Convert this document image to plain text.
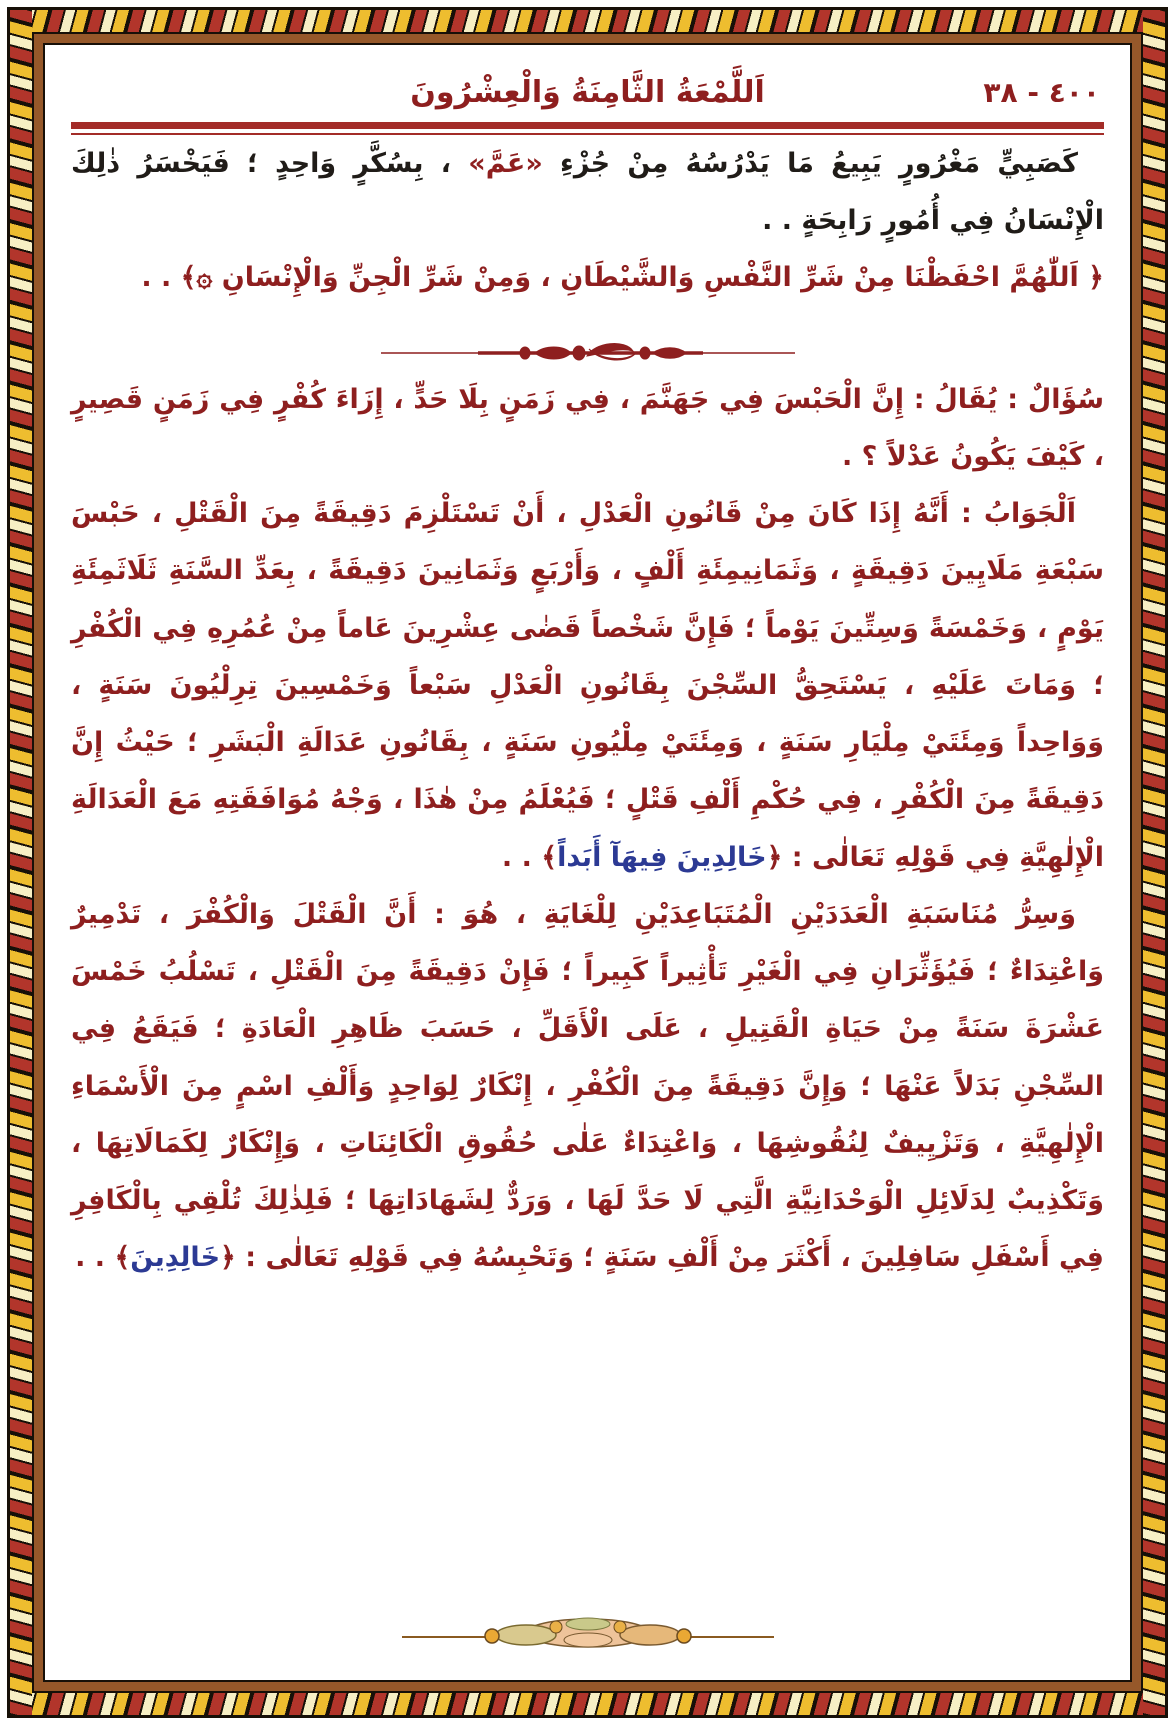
٤٠٠ - ٣٨
اَللَّمْعَةُ الثَّامِنَةُ وَالْعِشْرُونَ

كَصَبِيٍّ مَغْرُورٍ يَبِيعُ مَا يَدْرُسُهُ مِنْ جُزْءِ «عَمَّ» ، بِسُكَّرٍ وَاحِدٍ ؛ فَيَخْسَرُ ذٰلِكَ الْإِنْسَانُ فِي أُمُورٍ رَابِحَةٍ . .

﴿ اَللّٰهُمَّ احْفَظْنَا مِنْ شَرِّ النَّفْسِ وَالشَّيْطَانِ ، وَمِنْ شَرِّ الْجِنِّ وَالْإِنْسَانِ ۞﴾ . .

سُؤَالٌ : يُقَالُ : إِنَّ الْحَبْسَ فِي جَهَنَّمَ ، فِي زَمَنٍ بِلَا حَدٍّ ، إِزَاءَ كُفْرٍ فِي زَمَنٍ قَصِيرٍ ، كَيْفَ يَكُونُ عَدْلاً ؟ .

اَلْجَوَابُ : أَنَّهُ إِذَا كَانَ مِنْ قَانُونِ الْعَدْلِ ، أَنْ تَسْتَلْزِمَ دَقِيقَةً مِنَ الْقَتْلِ ، حَبْسَ سَبْعَةِ مَلَايِينَ دَقِيقَةٍ ، وَثَمَانِيمِئَةِ أَلْفٍ ، وَأَرْبَعٍ وَثَمَانِينَ دَقِيقَةً ، بِعَدِّ السَّنَةِ ثَلَاثَمِئَةِ يَوْمٍ ، وَخَمْسَةً وَسِتِّينَ يَوْماً ؛ فَإِنَّ شَخْصاً قَضٰى عِشْرِينَ عَاماً مِنْ عُمُرِهِ فِي الْكُفْرِ ؛ وَمَاتَ عَلَيْهِ ، يَسْتَحِقُّ السِّجْنَ بِقَانُونِ الْعَدْلِ سَبْعاً وَخَمْسِينَ تِرِلْيُونَ سَنَةٍ ، وَوَاحِداً وَمِئَتَيْ مِلْيَارِ سَنَةٍ ، وَمِئَتَيْ مِلْيُونِ سَنَةٍ ، بِقَانُونِ عَدَالَةِ الْبَشَرِ ؛ حَيْثُ إِنَّ دَقِيقَةً مِنَ الْكُفْرِ ، فِي حُكْمِ أَلْفِ قَتْلٍ ؛ فَيُعْلَمُ مِنْ هٰذَا ، وَجْهُ مُوَافَقَتِهِ مَعَ الْعَدَالَةِ الْإِلٰهِيَّةِ فِي قَوْلِهِ تَعَالٰى : ﴿خَالِدِينَ فِيهَآ أَبَداً﴾ . .

وَسِرُّ مُنَاسَبَةِ الْعَدَدَيْنِ الْمُتَبَاعِدَيْنِ لِلْغَايَةِ ، هُوَ : أَنَّ الْقَتْلَ وَالْكُفْرَ ، تَدْمِيرٌ وَاعْتِدَاءٌ ؛ فَيُؤَثِّرَانِ فِي الْغَيْرِ تَأْثِيراً كَبِيراً ؛ فَإِنْ دَقِيقَةً مِنَ الْقَتْلِ ، تَسْلُبُ خَمْسَ عَشْرَةَ سَنَةً مِنْ حَيَاةِ الْقَتِيلِ ، عَلَى الْأَقَلِّ ، حَسَبَ ظَاهِرِ الْعَادَةِ ؛ فَيَقَعُ فِي السِّجْنِ بَدَلاً عَنْهَا ؛ وَإِنَّ دَقِيقَةً مِنَ الْكُفْرِ ، إِنْكَارٌ لِوَاحِدٍ وَأَلْفِ اسْمٍ مِنَ الْأَسْمَاءِ الْإِلٰهِيَّةِ ، وَتَزْيِيفٌ لِنُقُوشِهَا ، وَاعْتِدَاءٌ عَلٰى حُقُوقِ الْكَائِنَاتِ ، وَإِنْكَارٌ لِكَمَالَاتِهَا ، وَتَكْذِيبٌ لِدَلَائِلِ الْوَحْدَانِيَّةِ الَّتِي لَا حَدَّ لَهَا ، وَرَدٌّ لِشَهَادَاتِهَا ؛ فَلِذٰلِكَ تُلْقِي بِالْكَافِرِ فِي أَسْفَلِ سَافِلِينَ ، أَكْثَرَ مِنْ أَلْفِ سَنَةٍ ؛ وَتَحْبِسُهُ فِي قَوْلِهِ تَعَالٰى : ﴿خَالِدِينَ﴾ . .
